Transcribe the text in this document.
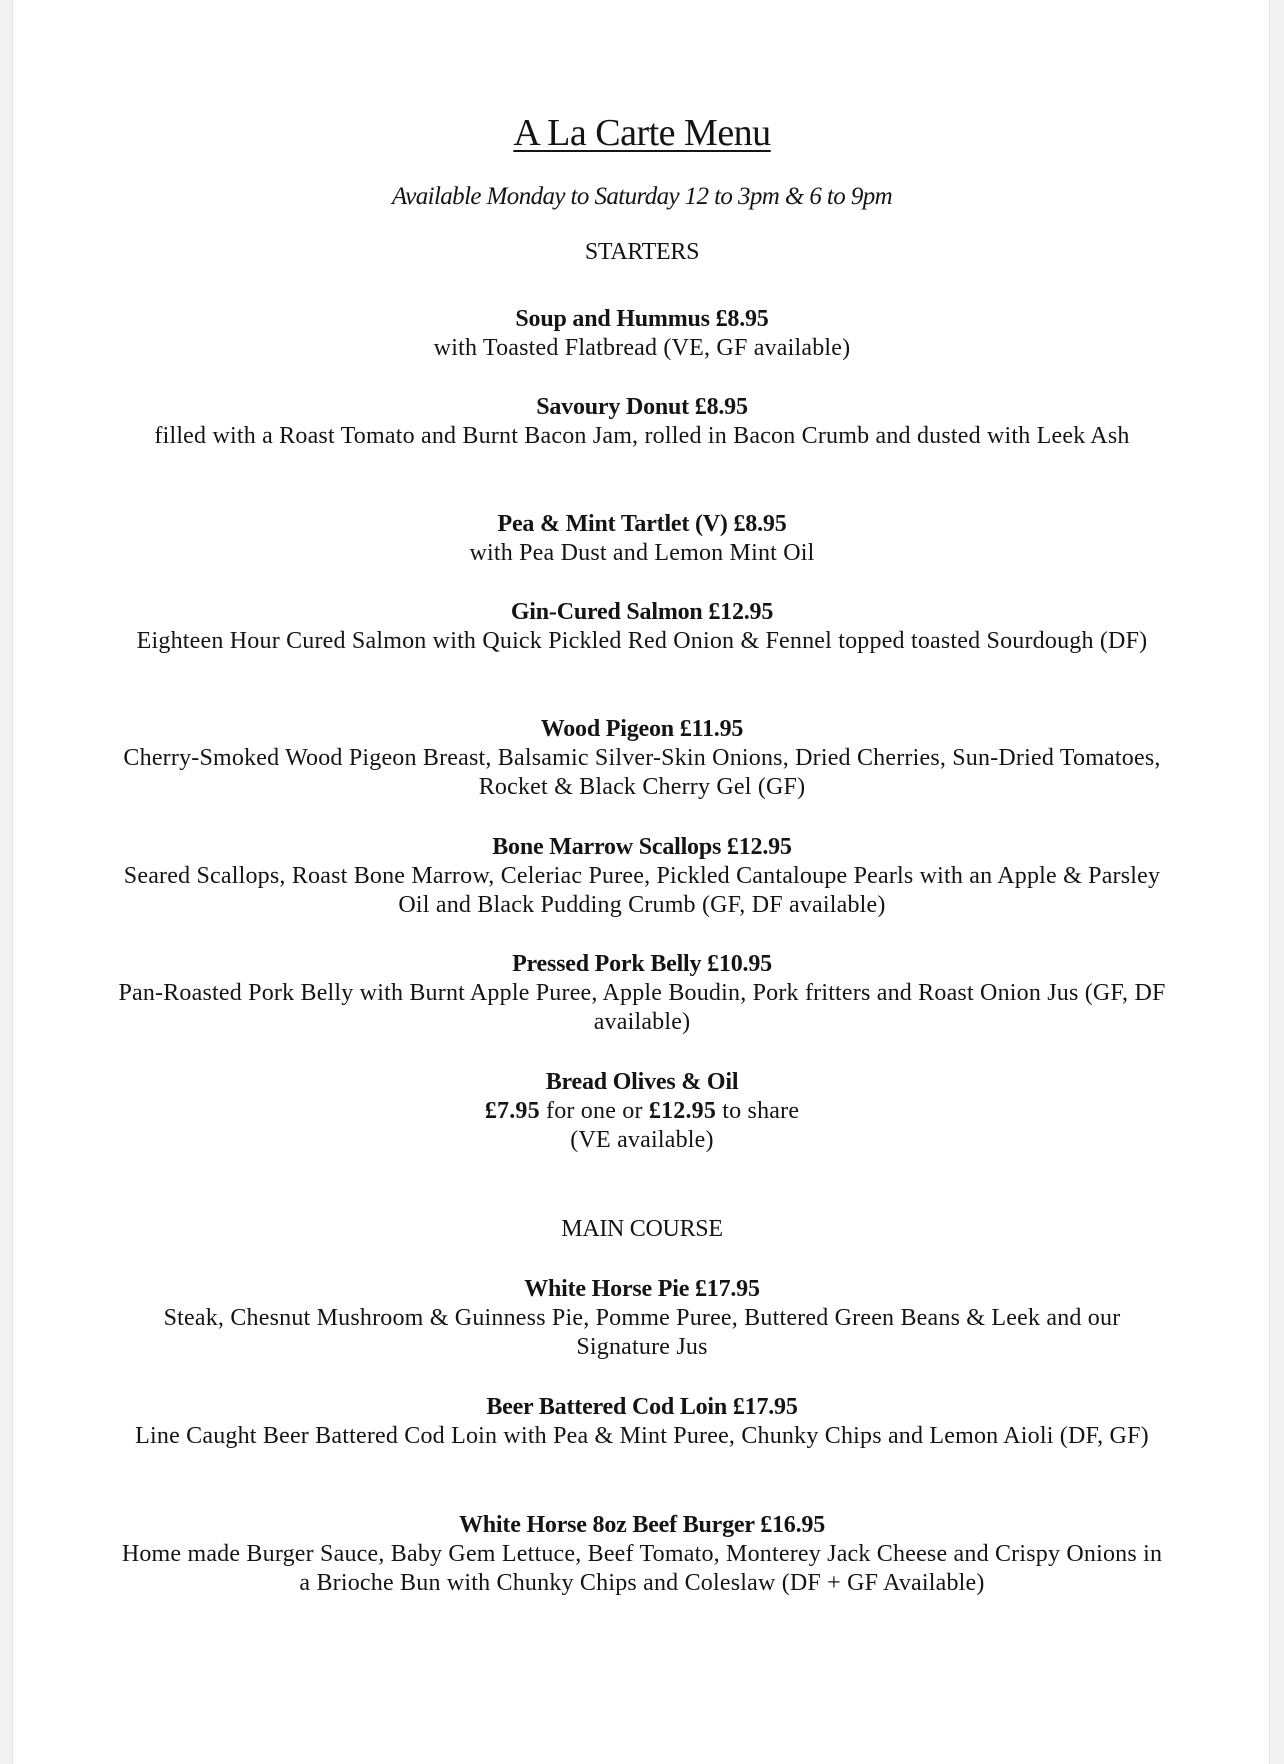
A La Carte Menu
Available Monday to Saturday 12 to 3pm & 6 to 9pm
STARTERS
Soup and Hummus £8.95
with Toasted Flatbread (VE, GF available)
Savoury Donut £8.95
filled with a Roast Tomato and Burnt Bacon Jam, rolled in Bacon Crumb and dusted with Leek Ash
Pea & Mint Tartlet (V) £8.95
with Pea Dust and Lemon Mint Oil
Gin-Cured Salmon £12.95
Eighteen Hour Cured Salmon with Quick Pickled Red Onion & Fennel topped toasted Sourdough (DF)
Wood Pigeon £11.95
Cherry-Smoked Wood Pigeon Breast, Balsamic Silver-Skin Onions, Dried Cherries, Sun-Dried Tomatoes, Rocket & Black Cherry Gel (GF)
Bone Marrow Scallops £12.95
Seared Scallops, Roast Bone Marrow, Celeriac Puree, Pickled Cantaloupe Pearls with an Apple & Parsley Oil and Black Pudding Crumb (GF, DF available)
Pressed Pork Belly £10.95
Pan-Roasted Pork Belly with Burnt Apple Puree, Apple Boudin, Pork fritters and Roast Onion Jus (GF, DF available)
Bread Olives & Oil
£7.95 for one or £12.95 to share
(VE available)
MAIN COURSE
White Horse Pie £17.95
Steak, Chesnut Mushroom & Guinness Pie, Pomme Puree, Buttered Green Beans & Leek and our Signature Jus
Beer Battered Cod Loin £17.95
Line Caught Beer Battered Cod Loin with Pea & Mint Puree, Chunky Chips and Lemon Aioli (DF, GF)
White Horse 8oz Beef Burger £16.95
Home made Burger Sauce, Baby Gem Lettuce, Beef Tomato, Monterey Jack Cheese and Crispy Onions in a Brioche Bun with Chunky Chips and Coleslaw (DF + GF Available)
